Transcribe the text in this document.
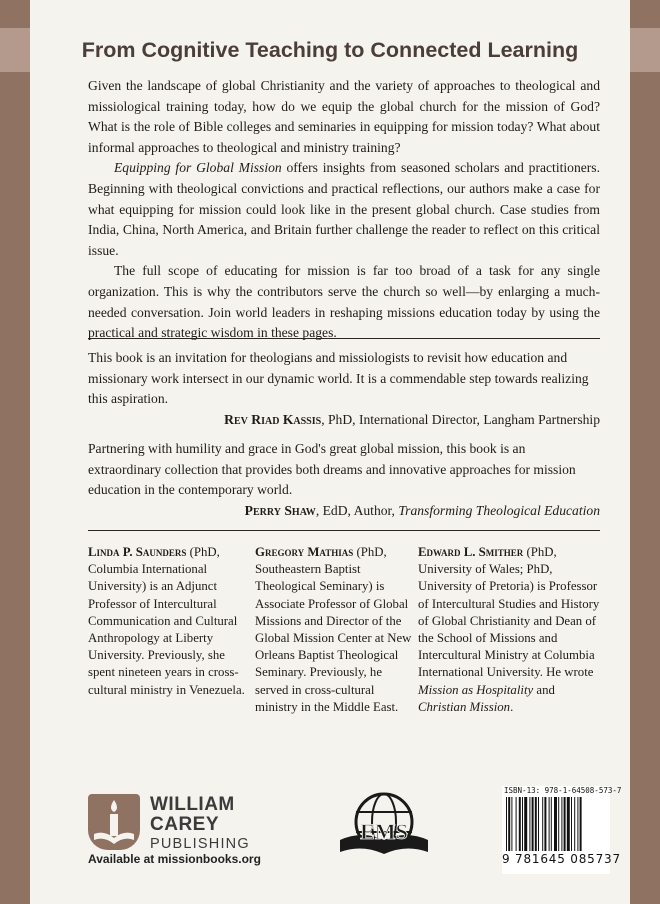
From Cognitive Teaching to Connected Learning

Given the landscape of global Christianity and the variety of approaches to theological and missiological training today, how do we equip the global church for the mission of God? What is the role of Bible colleges and seminaries in equipping for mission today? What about informal approaches to theological and ministry training?

Equipping for Global Mission offers insights from seasoned scholars and practitioners. Beginning with theological convictions and practical reflections, our authors make a case for what equipping for mission could look like in the present global church. Case studies from India, China, North America, and Britain further challenge the reader to reflect on this critical issue.

The full scope of educating for mission is far too broad of a task for any single organization. This is why the contributors serve the church so well—by enlarging a much-needed conversation. Join world leaders in reshaping missions education today by using the practical and strategic wisdom in these pages.

This book is an invitation for theologians and missiologists to revisit how education and missionary work intersect in our dynamic world. It is a commendable step towards realizing this aspiration.

Rev Riad Kassis, PhD, International Director, Langham Partnership

Partnering with humility and grace in God's great global mission, this book is an extraordinary collection that provides both dreams and innovative approaches for mission education in the contemporary world.

Perry Shaw, EdD, Author, Transforming Theological Education

Linda P. Saunders (PhD, Columbia International University) is an Adjunct Professor of Intercultural Communication and Cultural Anthropology at Liberty University. Previously, she spent nineteen years in cross-cultural ministry in Venezuela.
Gregory Mathias (PhD, Southeastern Baptist Theological Seminary) is Associate Professor of Global Missions and Director of the Global Mission Center at New Orleans Baptist Theological Seminary. Previously, he served in cross-cultural ministry in the Middle East.
Edward L. Smither (PhD, University of Wales; PhD, University of Pretoria) is Professor of Intercultural Studies and History of Global Christianity and Dean of the School of Missions and Intercultural Ministry at Columbia International University. He wrote Mission as Hospitality and Christian Mission.
WILLIAM
CAREY
PUBLISHING
Available at missionbooks.org
EMS
ISBN-13: 978-1-64508-573-7
9 781645 085737
